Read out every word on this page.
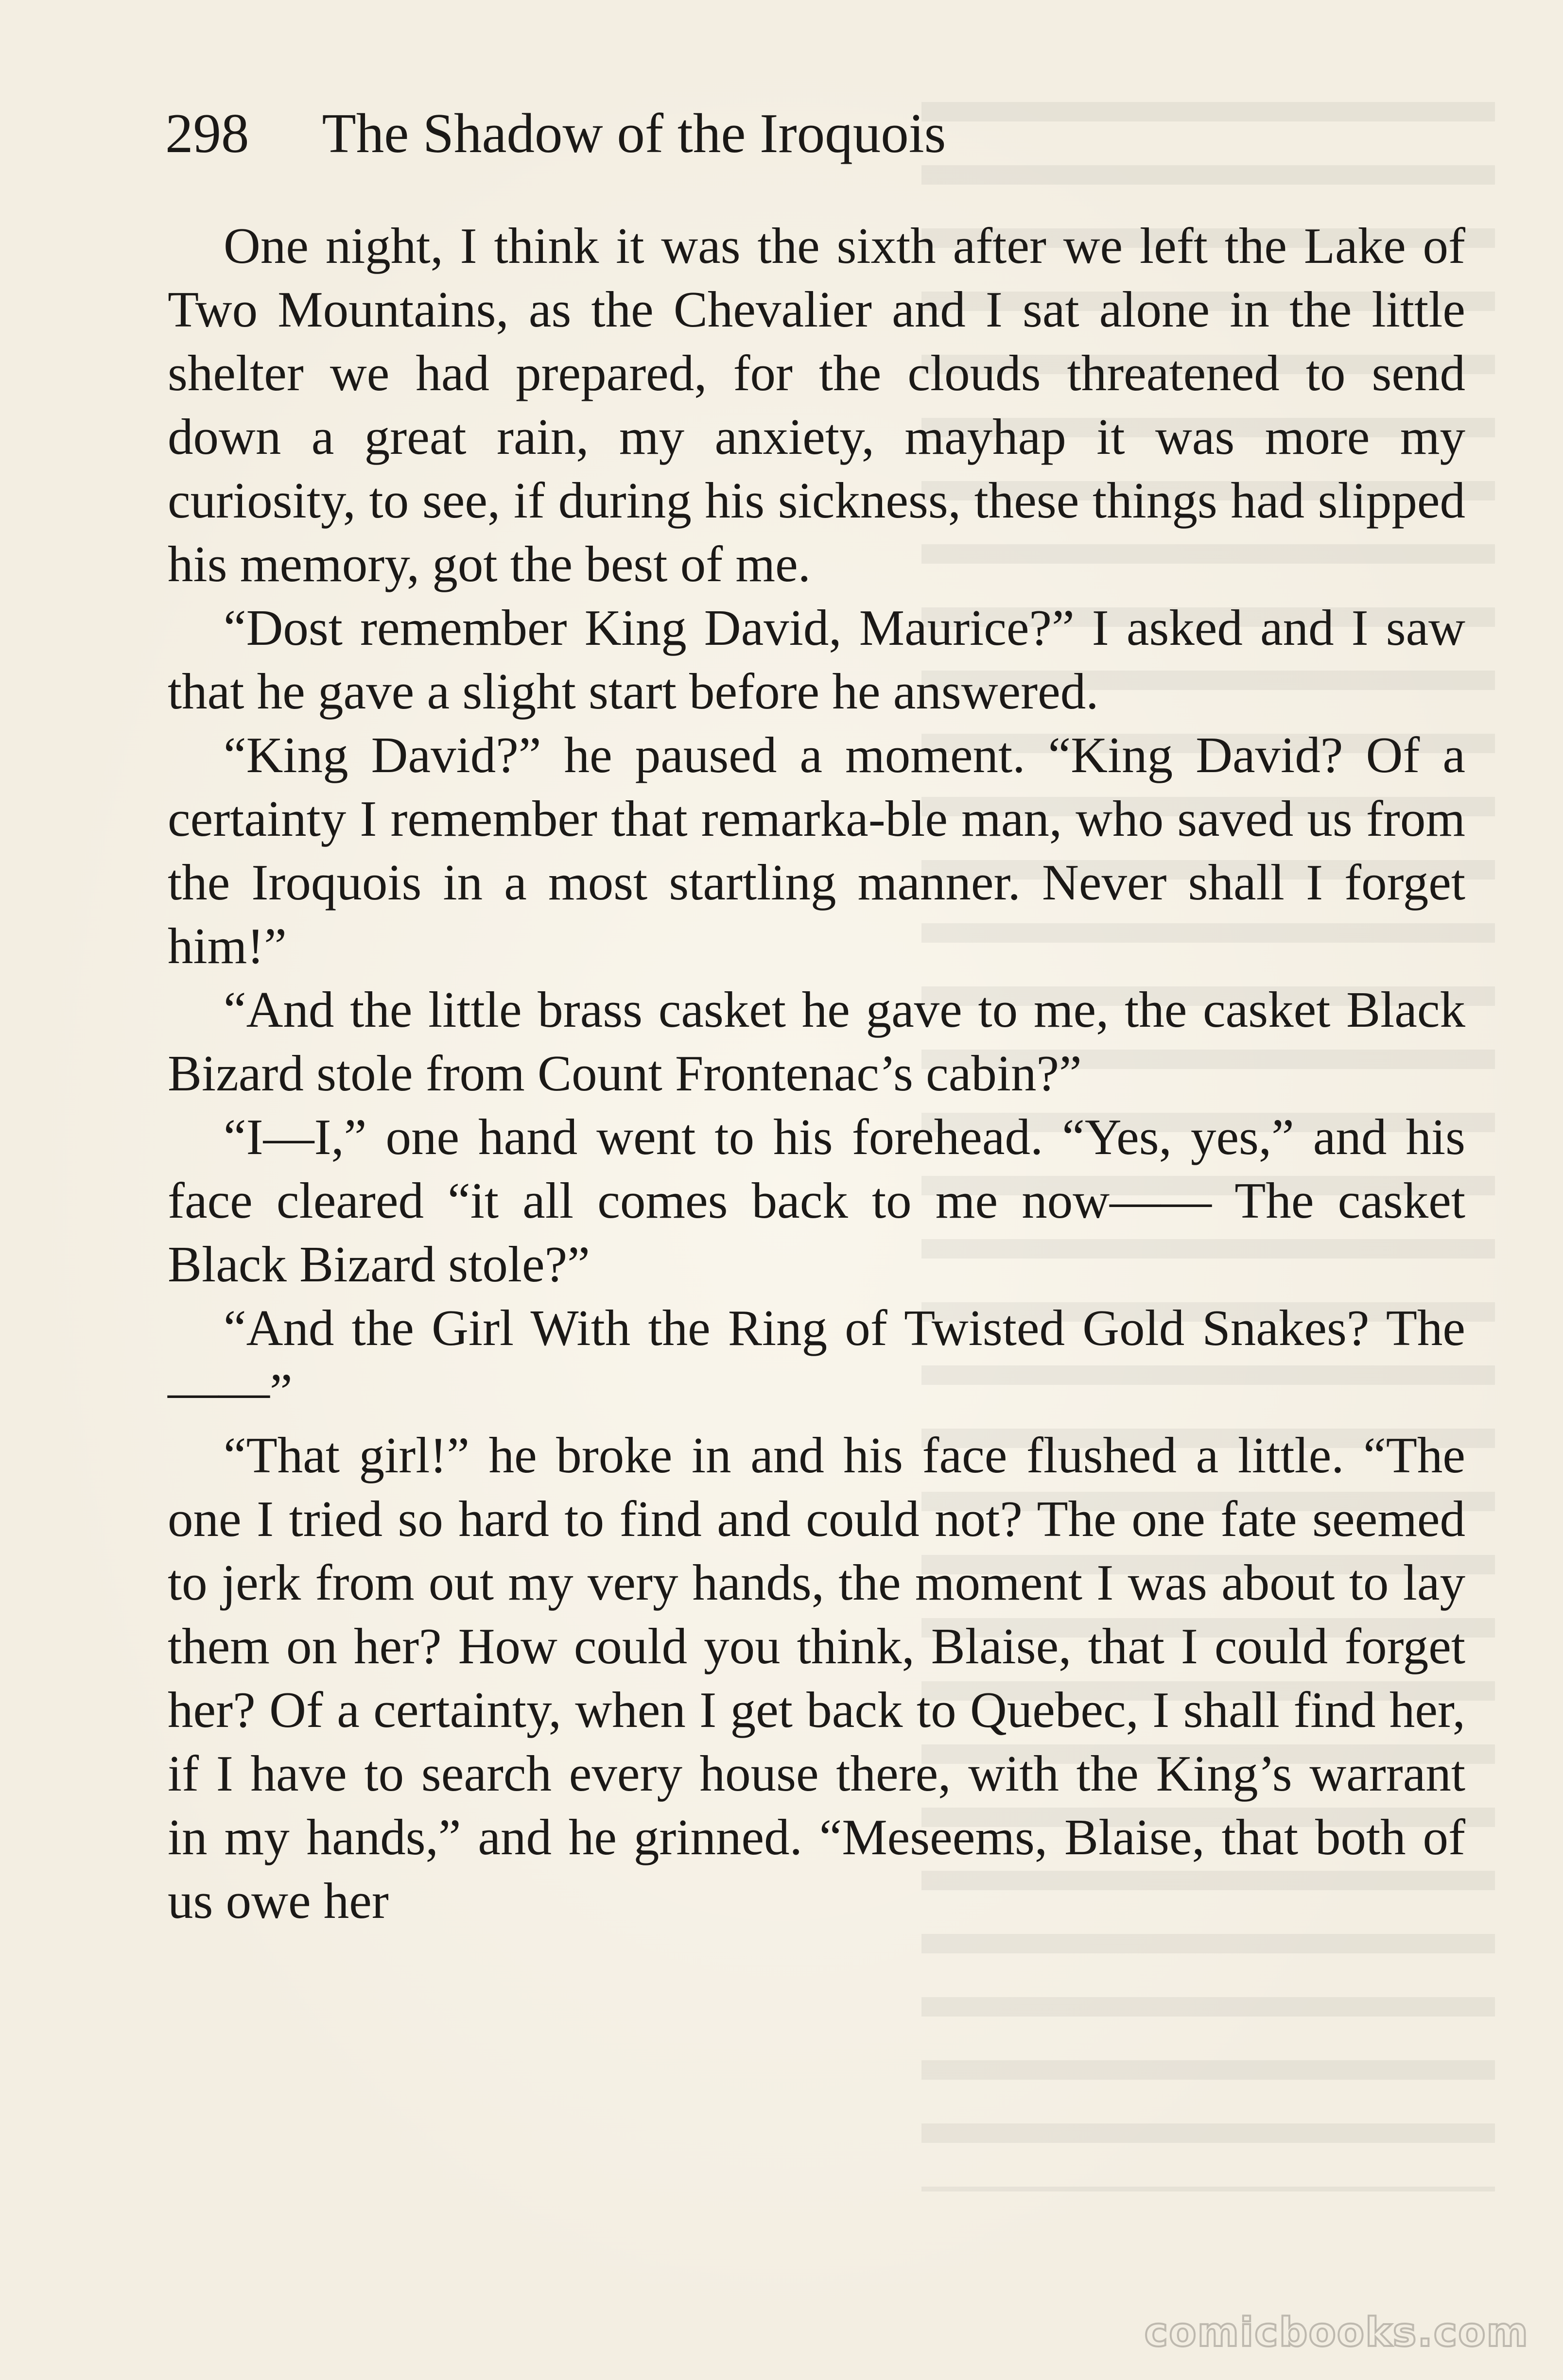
298 The Shadow of the Iroquois

One night, I think it was the sixth after we left the Lake of Two Mountains, as the Chevalier and I sat alone in the little shelter we had prepared, for the clouds threatened to send down a great rain, my anxiety, mayhap it was more my curiosity, to see, if during his sickness, these things had slipped his memory, got the best of me.

“Dost remember King David, Maurice?” I asked and I saw that he gave a slight start before he answered.

“King David?” he paused a moment. “King David? Of a certainty I remember that remarka-ble man, who saved us from the Iroquois in a most startling manner. Never shall I forget him!”

“And the little brass casket he gave to me, the casket Black Bizard stole from Count Frontenac’s cabin?”

“I—I,” one hand went to his forehead. “Yes, yes,” and his face cleared “it all comes back to me now—— The casket Black Bizard stole?”

“And the Girl With the Ring of Twisted Gold Snakes? The——”

“That girl!” he broke in and his face flushed a little. “The one I tried so hard to find and could not? The one fate seemed to jerk from out my very hands, the moment I was about to lay them on her? How could you think, Blaise, that I could forget her? Of a certainty, when I get back to Quebec, I shall find her, if I have to search every house there, with the King’s warrant in my hands,” and he grinned. “Meseems, Blaise, that both of us owe her

comicbooks.com
